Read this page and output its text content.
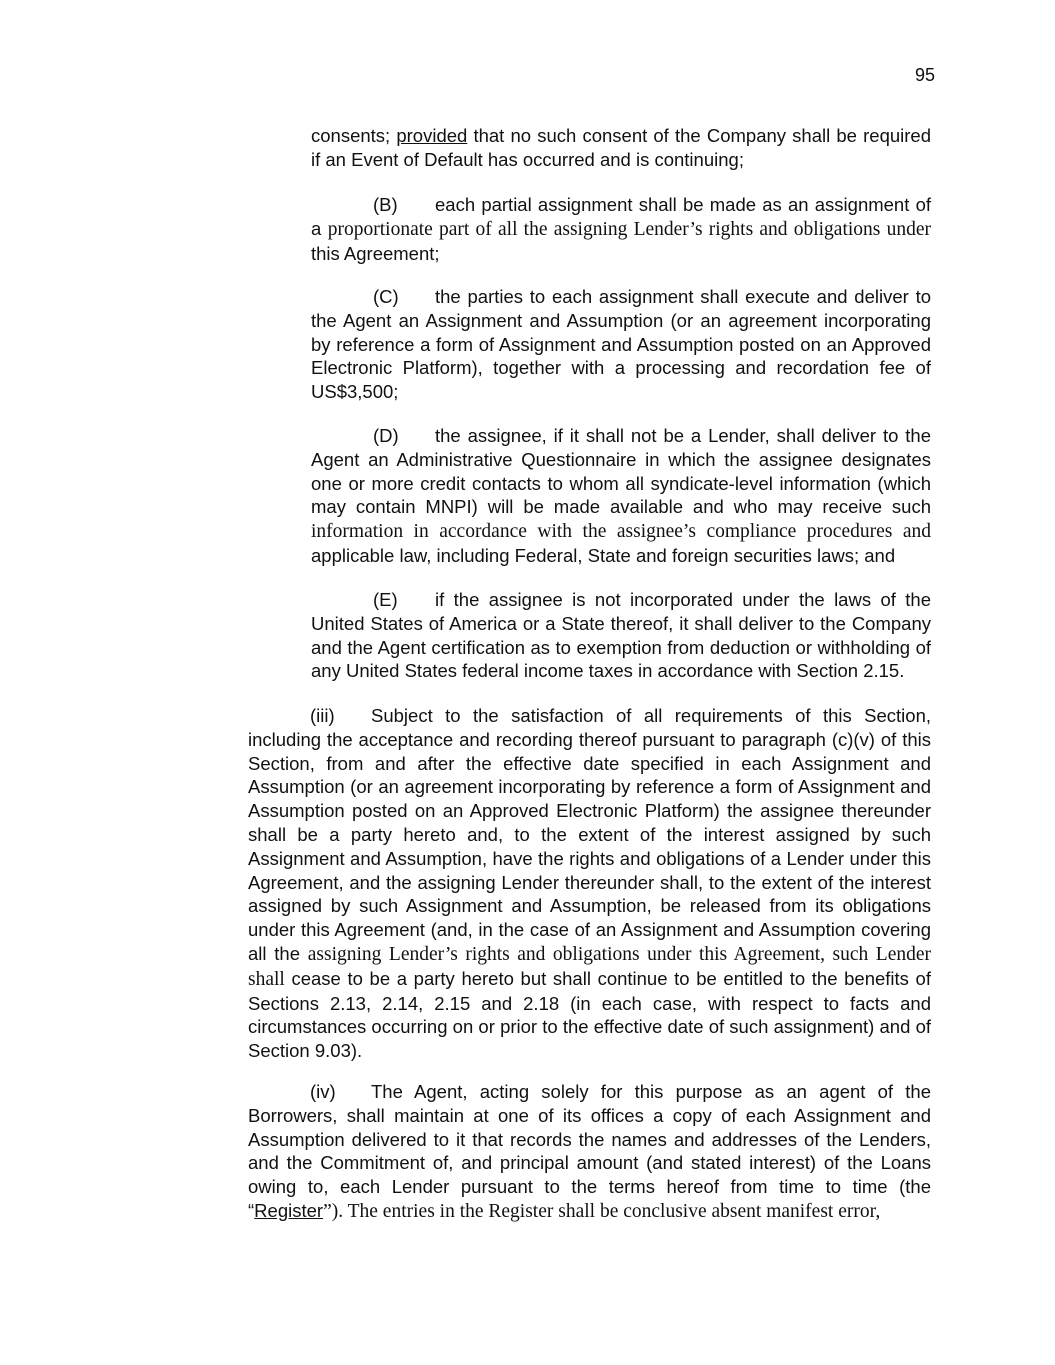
95

consents; provided that no such consent of the Company shall be required if an Event of Default has occurred and is continuing;

(B) each partial assignment shall be made as an assignment of a proportionate part of all the assigning Lender’s rights and obligations under this Agreement;

(C) the parties to each assignment shall execute and deliver to the Agent an Assignment and Assumption (or an agreement incorporating by reference a form of Assignment and Assumption posted on an Approved Electronic Platform), together with a processing and recordation fee of US$3,500;

(D) the assignee, if it shall not be a Lender, shall deliver to the Agent an Administrative Questionnaire in which the assignee designates one or more credit contacts to whom all syndicate-level information (which may contain MNPI) will be made available and who may receive such information in accordance with the assignee’s compliance procedures and applicable law, including Federal, State and foreign securities laws; and

(E) if the assignee is not incorporated under the laws of the United States of America or a State thereof, it shall deliver to the Company and the Agent certification as to exemption from deduction or withholding of any United States federal income taxes in accordance with Section 2.15.

(iii) Subject to the satisfaction of all requirements of this Section, including the acceptance and recording thereof pursuant to paragraph (c)(v) of this Section, from and after the effective date specified in each Assignment and Assumption (or an agreement incorporating by reference a form of Assignment and Assumption posted on an Approved Electronic Platform) the assignee thereunder shall be a party hereto and, to the extent of the interest assigned by such Assignment and Assumption, have the rights and obligations of a Lender under this Agreement, and the assigning Lender thereunder shall, to the extent of the interest assigned by such Assignment and Assumption, be released from its obligations under this Agreement (and, in the case of an Assignment and Assumption covering all the assigning Lender’s rights and obligations under this Agreement, such Lender shall cease to be a party hereto but shall continue to be entitled to the benefits of Sections 2.13, 2.14, 2.15 and 2.18 (in each case, with respect to facts and circumstances occurring on or prior to the effective date of such assignment) and of Section 9.03).

(iv) The Agent, acting solely for this purpose as an agent of the Borrowers, shall maintain at one of its offices a copy of each Assignment and Assumption delivered to it that records the names and addresses of the Lenders, and the Commitment of, and principal amount (and stated interest) of the Loans owing to, each Lender pursuant to the terms hereof from time to time (the “Register”). The entries in the Register shall be conclusive absent manifest error,
